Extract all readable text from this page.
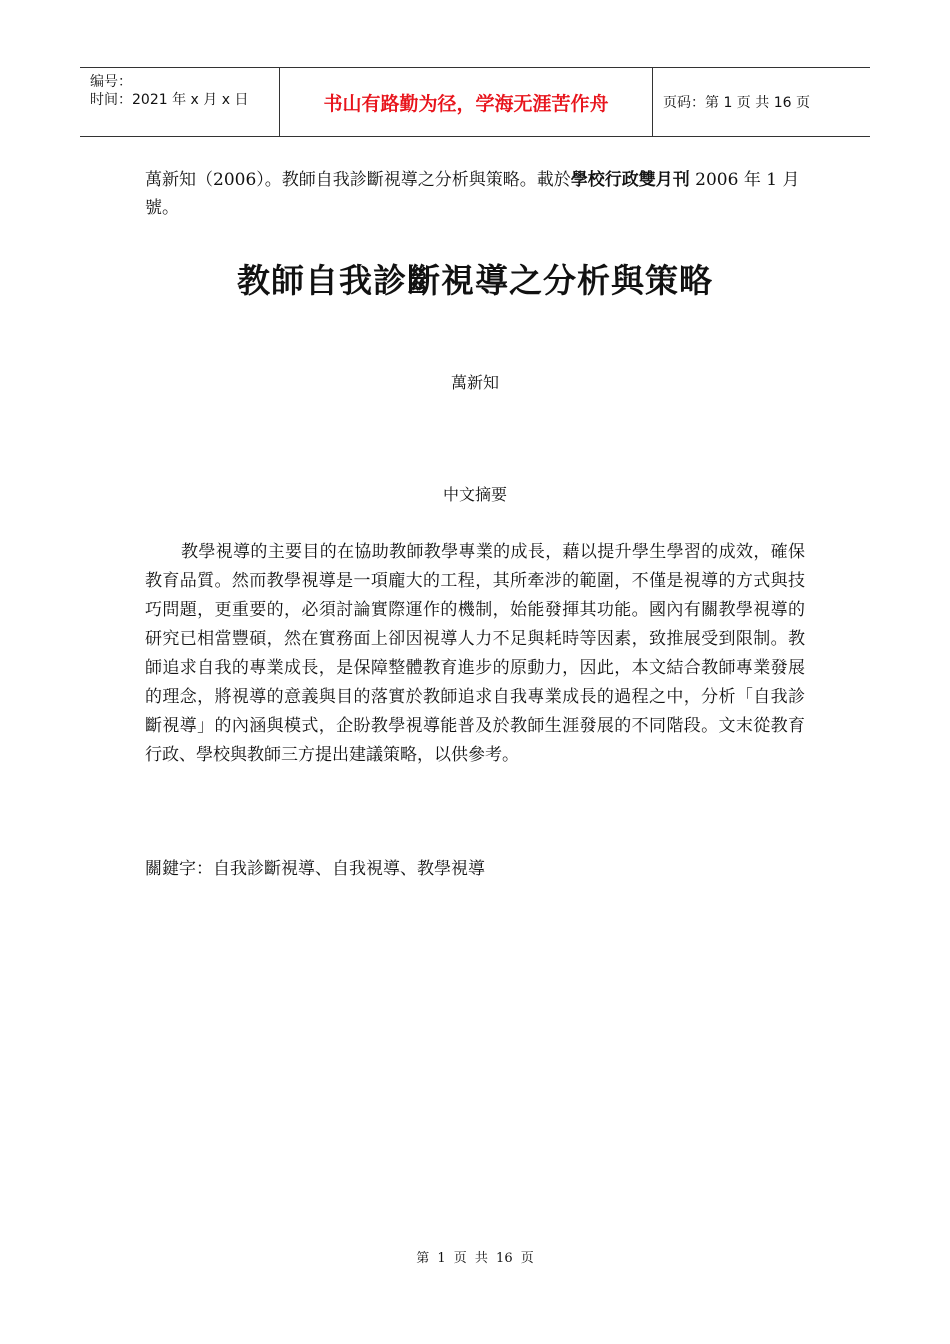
编号：
时间：2021 年 x 月 x 日	书山有路勤为径，学海无涯苦作舟	页码：第 1 页 共 16 页
萬新知（2006）。教師自我診斷視導之分析與策略。載於學校行政雙月刊 2006 年 1 月號。
教師自我診斷視導之分析與策略
萬新知
中文摘要
教學視導的主要目的在協助教師教學專業的成長，藉以提升學生學習的成效，確保教育品質。然而教學視導是一項龐大的工程，其所牽涉的範圍，不僅是視導的方式與技巧問題，更重要的，必須討論實際運作的機制，始能發揮其功能。國內有關教學視導的研究已相當豐碩，然在實務面上卻因視導人力不足與耗時等因素，致推展受到限制。教師追求自我的專業成長，是保障整體教育進步的原動力，因此，本文結合教師專業發展的理念，將視導的意義與目的落實於教師追求自我專業成長的過程之中，分析「自我診斷視導」的內涵與模式，企盼教學視導能普及於教師生涯發展的不同階段。文末從教育行政、學校與教師三方提出建議策略，以供參考。
關鍵字：自我診斷視導、自我視導、教學視導
第 1 页 共 16 页
